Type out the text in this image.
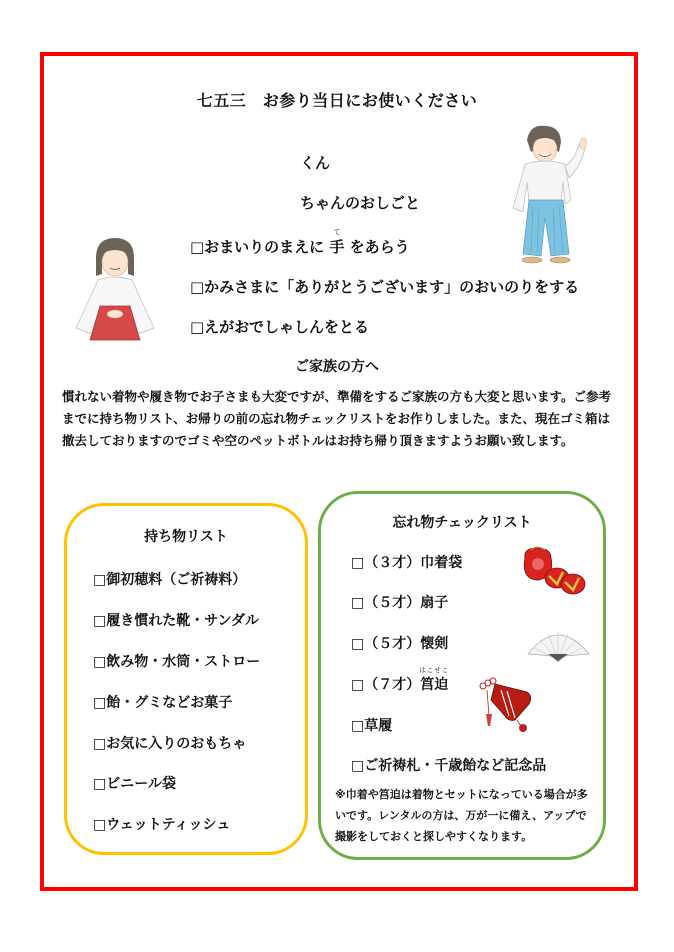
七五三　お参り当日にお使いください
くん
ちゃんのおしごと
□おまいりのまえに
て
手 をあらう
□かみさまに「ありがとうございます」のおいのりをする
□えがおでしゃしんをとる
ご家族の方へ
慣れない着物や履き物でお子さまも大変ですが、準備をするご家族の方も大変と思います。ご参考までに持ち物リスト、お帰りの前の忘れ物チェックリストをお作りしました。また、現在ゴミ箱は撤去しておりますのでゴミや空のペットボトルはお持ち帰り頂きますようお願い致します。
持ち物リスト
□御初穂料（ご祈祷料）
□履き慣れた靴・サンダル
□飲み物・水筒・ストロー
□飴・グミなどお菓子
□お気に入りのおもちゃ
□ビニール袋
□ウェットティッシュ
忘れ物チェックリスト
□（３才）巾着袋
□（５才）扇子
□（５才）懐剣
□（７才）
はこせこ
筥迫
□草履
□ご祈祷札・千歳飴など記念品
※巾着や筥迫は着物とセットになっている場合が多いです。レンタルの方は、万が一に備え、アップで撮影をしておくと探しやすくなります。
